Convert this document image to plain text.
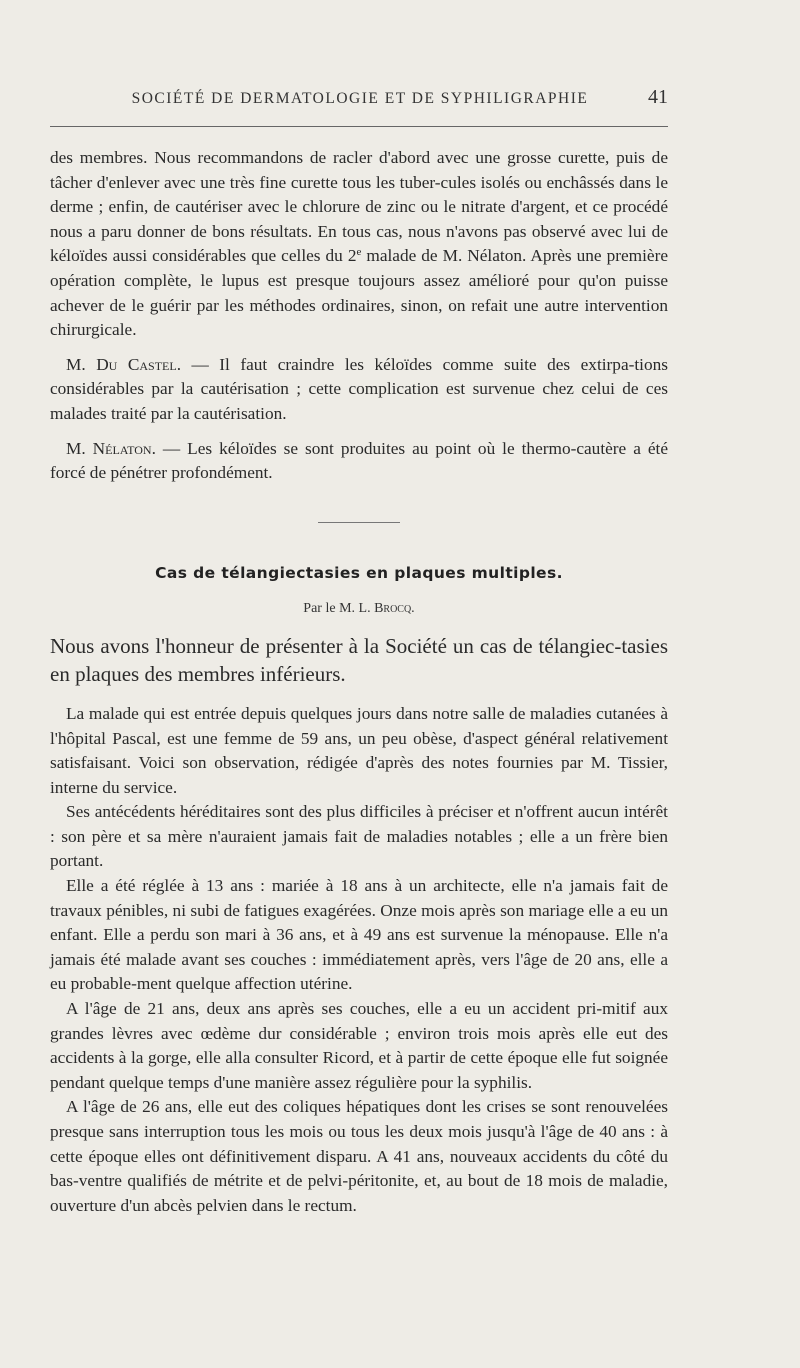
SOCIÉTÉ DE DERMATOLOGIE ET DE SYPHILIGRAPHIE	41

des membres. Nous recommandons de racler d'abord avec une grosse curette, puis de tâcher d'enlever avec une très fine curette tous les tuber-cules isolés ou enchâssés dans le derme ; enfin, de cautériser avec le chlorure de zinc ou le nitrate d'argent, et ce procédé nous a paru donner de bons résultats. En tous cas, nous n'avons pas observé avec lui de kéloïdes aussi considérables que celles du 2e malade de M. Nélaton. Après une première opération complète, le lupus est presque toujours assez amélioré pour qu'on puisse achever de le guérir par les méthodes ordinaires, sinon, on refait une autre intervention chirurgicale.

M. Du Castel. — Il faut craindre les kéloïdes comme suite des extirpa-tions considérables par la cautérisation ; cette complication est survenue chez celui de ces malades traité par la cautérisation.

M. Nélaton. — Les kéloïdes se sont produites au point où le thermo-cautère a été forcé de pénétrer profondément.

Cas de télangiectasies en plaques multiples.
Par le M. L. Brocq.

Nous avons l'honneur de présenter à la Société un cas de télangiec-tasies en plaques des membres inférieurs.

La malade qui est entrée depuis quelques jours dans notre salle de maladies cutanées à l'hôpital Pascal, est une femme de 59 ans, un peu obèse, d'aspect général relativement satisfaisant. Voici son observation, rédigée d'après des notes fournies par M. Tissier, interne du service.

Ses antécédents héréditaires sont des plus difficiles à préciser et n'offrent aucun intérêt : son père et sa mère n'auraient jamais fait de maladies notables ; elle a un frère bien portant.

Elle a été réglée à 13 ans : mariée à 18 ans à un architecte, elle n'a jamais fait de travaux pénibles, ni subi de fatigues exagérées. Onze mois après son mariage elle a eu un enfant. Elle a perdu son mari à 36 ans, et à 49 ans est survenue la ménopause. Elle n'a jamais été malade avant ses couches : immédiatement après, vers l'âge de 20 ans, elle a eu probable-ment quelque affection utérine.

A l'âge de 21 ans, deux ans après ses couches, elle a eu un accident pri-mitif aux grandes lèvres avec œdème dur considérable ; environ trois mois après elle eut des accidents à la gorge, elle alla consulter Ricord, et à partir de cette époque elle fut soignée pendant quelque temps d'une manière assez régulière pour la syphilis.

A l'âge de 26 ans, elle eut des coliques hépatiques dont les crises se sont renouvelées presque sans interruption tous les mois ou tous les deux mois jusqu'à l'âge de 40 ans : à cette époque elles ont définitivement disparu. A 41 ans, nouveaux accidents du côté du bas-ventre qualifiés de métrite et de pelvi-péritonite, et, au bout de 18 mois de maladie, ouverture d'un abcès pelvien dans le rectum.
